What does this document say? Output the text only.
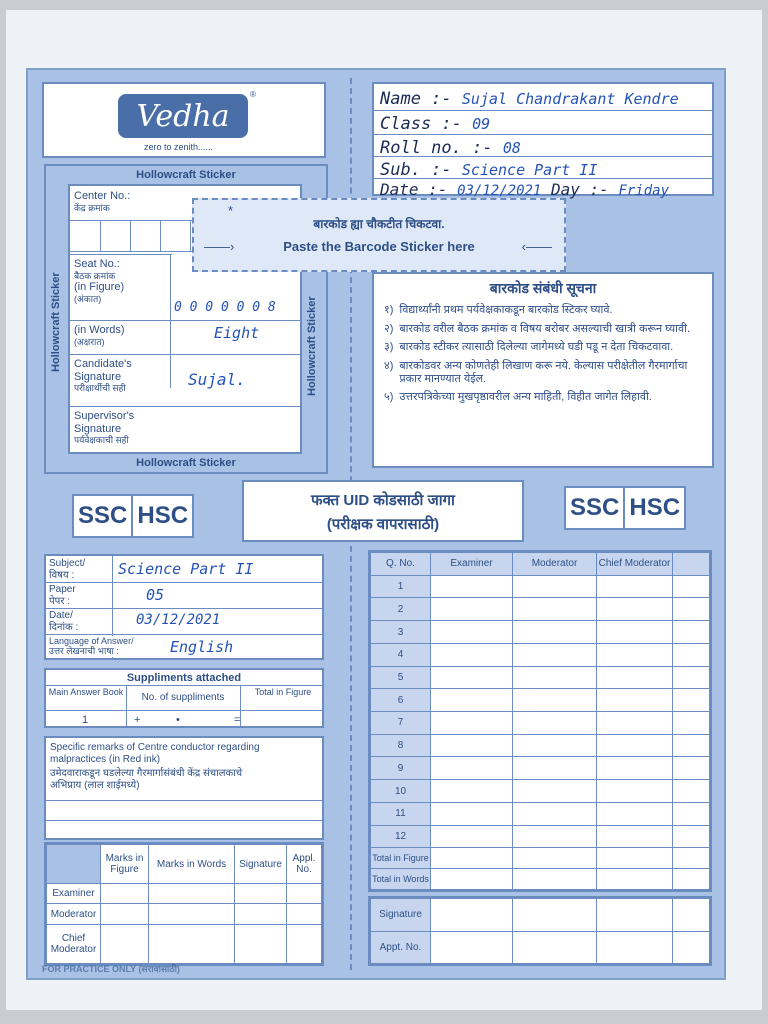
Vedha
®
zero to zenith......
Hollowcraft Sticker
Hollowcraft Sticker	Hollowcraft Sticker
Hollowcraft Sticker
Center No.:
केंद्र क्रमांक
Seat No.:
बैठक क्रमांक
(in Figure)
(अंकात)
0 0 0 0 0 0 8
(in Words)
(अक्षरात)	Eight
Candidate's Signature
परीक्षार्थीची सही	Sujal.
Supervisor's Signature
पर्यवेक्षकाची सही
*
बारकोड ह्या चौकटीत चिकटवा.
Paste the Barcode Sticker here
——›	‹——
Name :- Sujal Chandrakant Kendre
Class :- 09
Roll no. :- 08
Sub. :- Science Part II
Date :- 03/12/2021 Day :- Friday
बारकोड संबंधी सूचना
१) विद्यार्थ्यांनी प्रथम पर्यवेक्षकाकडून बारकोड स्टिकर घ्यावे.
२) बारकोड वरील बैठक क्रमांक व विषय बरोबर असल्याची खात्री करून घ्यावी.
३) बारकोड स्टीकर त्यासाठी दिलेल्या जागेमध्ये घडी पडू न देता चिकटवावा.
४) बारकोडवर अन्य कोणतेही लिखाण करू नये. केल्यास परीक्षेतील गैरमार्गाचा प्रकार मानण्यात येईल.
५) उत्तरपत्रिकेच्या मुखपृष्ठावरील अन्य माहिती, विहीत जागेत लिहावी.
SSC HSC
फक्त UID कोडसाठी जागा
(परीक्षक वापरासाठी)
SSC HSC
Subject/
विषय :	Science Part II
Paper
पेपर :	05
Date/
दिनांक :	03/12/2021
Language of Answer/
उत्तर लेखनाची भाषा :	English
Suppliments attached
Main Answer Book	No. of suppliments	Total in Figure
1	+	•	=
Specific remarks of Centre conductor regarding malpractices (in Red ink)
उमेदवाराकडून घडलेल्या गैरमार्गासंबंधी केंद्र संचालकाचे अभिप्राय (लाल शाईमध्ये)
	Marks in Figure	Marks in Words	Signature	Appl. No.
Examiner				
Moderator				
Chief Moderator				
Q. No.	Examiner	Moderator	Chief Moderator	
1				
2				
3				
4				
5				
6				
7				
8				
9				
10				
11				
12				
Total in Figure				
Total in Words				
Signature				
Appt. No.				
FOR PRACTICE ONLY (सरावासाठी)
